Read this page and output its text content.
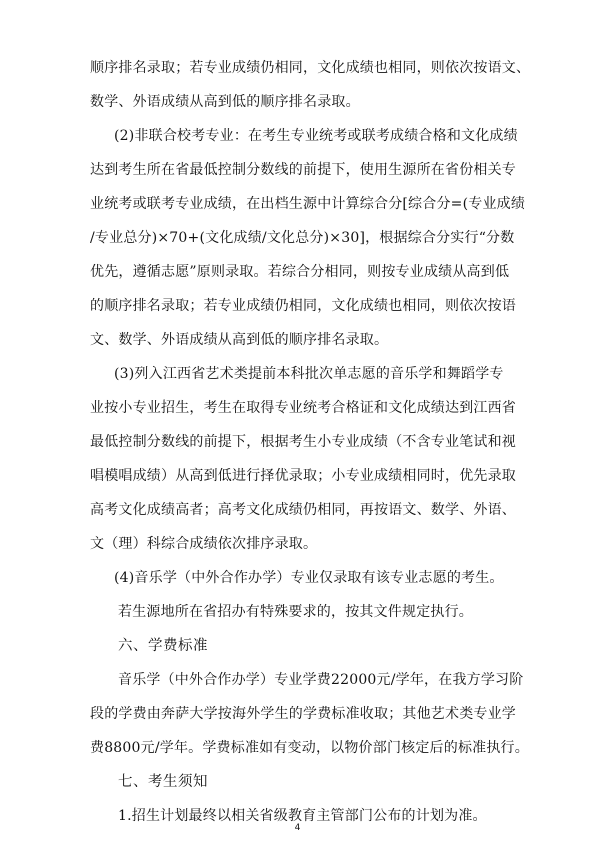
顺序排名录取；若专业成绩仍相同，文化成绩也相同，则依次按语文、
数学、外语成绩从高到低的顺序排名录取。
(2)非联合校考专业：在考生专业统考或联考成绩合格和文化成绩
达到考生所在省最低控制分数线的前提下，使用生源所在省份相关专
业统考或联考专业成绩，在出档生源中计算综合分[综合分=(专业成绩
/专业总分)×70+(文化成绩/文化总分)×30]，根据综合分实行“分数
优先，遵循志愿”原则录取。若综合分相同，则按专业成绩从高到低
的顺序排名录取；若专业成绩仍相同，文化成绩也相同，则依次按语
文、数学、外语成绩从高到低的顺序排名录取。
(3)列入江西省艺术类提前本科批次单志愿的音乐学和舞蹈学专
业按小专业招生，考生在取得专业统考合格证和文化成绩达到江西省
最低控制分数线的前提下，根据考生小专业成绩（不含专业笔试和视
唱模唱成绩）从高到低进行择优录取；小专业成绩相同时，优先录取
高考文化成绩高者；高考文化成绩仍相同，再按语文、数学、外语、
文（理）科综合成绩依次排序录取。
(4)音乐学（中外合作办学）专业仅录取有该专业志愿的考生。
若生源地所在省招办有特殊要求的，按其文件规定执行。
六、学费标准
音乐学（中外合作办学）专业学费22000元/学年，在我方学习阶
段的学费由奔萨大学按海外学生的学费标准收取；其他艺术类专业学
费8800元/学年。学费标准如有变动，以物价部门核定后的标准执行。
七、考生须知
1.招生计划最终以相关省级教育主管部门公布的计划为准。
4
